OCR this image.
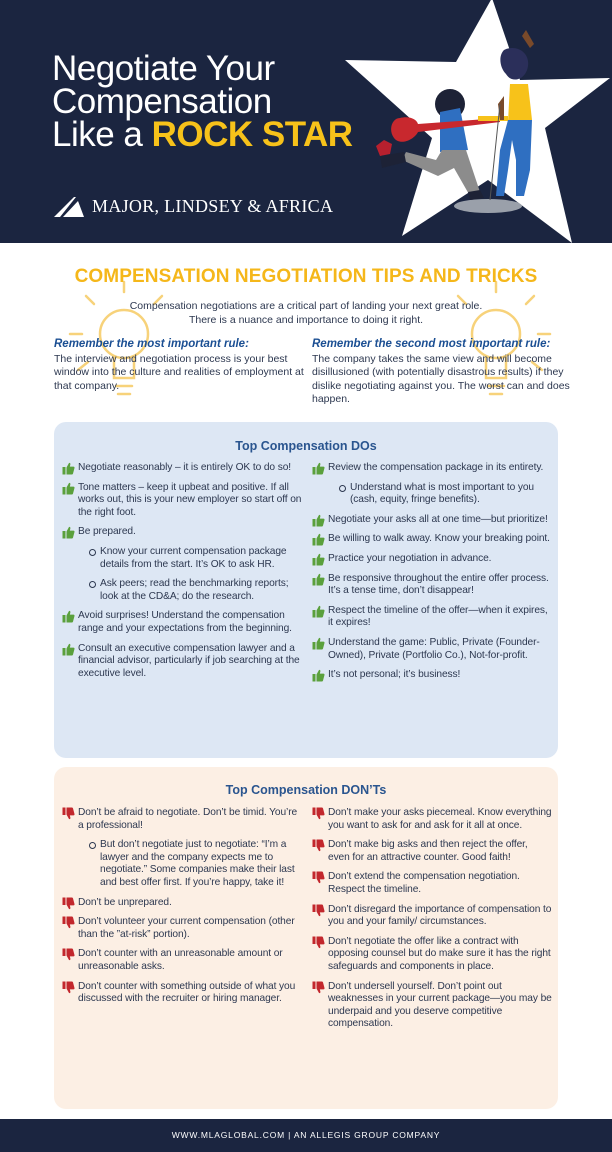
Negotiate Your
Compensation
Like a ROCK STAR
MAJOR, LINDSEY & AFRICA
COMPENSATION NEGOTIATION TIPS AND TRICKS
Compensation negotiations are a critical part of landing your next great role.
There is a nuance and importance to doing it right.
Remember the most important rule:
The interview and negotiation process is your best window into the culture and realities of employment at that company.
Remember the second most important rule:
The company takes the same view and will become disillusioned (with potentially disastrous results) if they dislike negotiating against you. The worst can and does happen.
Top Compensation DOs
Negotiate reasonably – it is entirely OK to do so!
Tone matters – keep it upbeat and positive. If all works out, this is your new employer so start off on the right foot.
Be prepared.
Know your current compensation package details from the start. It’s OK to ask HR.
Ask peers; read the benchmarking reports; look at the CD&A; do the research.
Avoid surprises! Understand the compensation range and your expectations from the beginning.
Consult an executive compensation lawyer and a financial advisor, particularly if job searching at the executive level.
Review the compensation package in its entirety.
Understand what is most important to you (cash, equity, fringe benefits).
Negotiate your asks all at one time—but prioritize!
Be willing to walk away. Know your breaking point.
Practice your negotiation in advance.
Be responsive throughout the entire offer process. It’s a tense time, don’t disappear!
Respect the timeline of the offer—when it expires, it expires!
Understand the game: Public, Private (Founder-Owned), Private (Portfolio Co.), Not-for-profit.
It’s not personal; it’s business!
Top Compensation DON’Ts
Don’t be afraid to negotiate. Don’t be timid. You’re a professional!
But don’t negotiate just to negotiate: “I’m a lawyer and the company expects me to negotiate.” Some companies make their last and best offer first. If you’re happy, take it!
Don’t be unprepared.
Don’t volunteer your current compensation (other than the ”at-risk” portion).
Don’t counter with an unreasonable amount or unreasonable asks.
Don’t counter with something outside of what you discussed with the recruiter or hiring manager.
Don’t make your asks piecemeal. Know everything you want to ask for and ask for it all at once.
Don’t make big asks and then reject the offer, even for an attractive counter. Good faith!
Don’t extend the compensation negotiation. Respect the timeline.
Don’t disregard the importance of compensation to you and your family/ circumstances.
Don’t negotiate the offer like a contract with opposing counsel but do make sure it has the right safeguards and components in place.
Don’t undersell yourself. Don’t point out weaknesses in your current package—you may be underpaid and you deserve competitive compensation.
WWW.MLAGLOBAL.COM | AN ALLEGIS GROUP COMPANY
